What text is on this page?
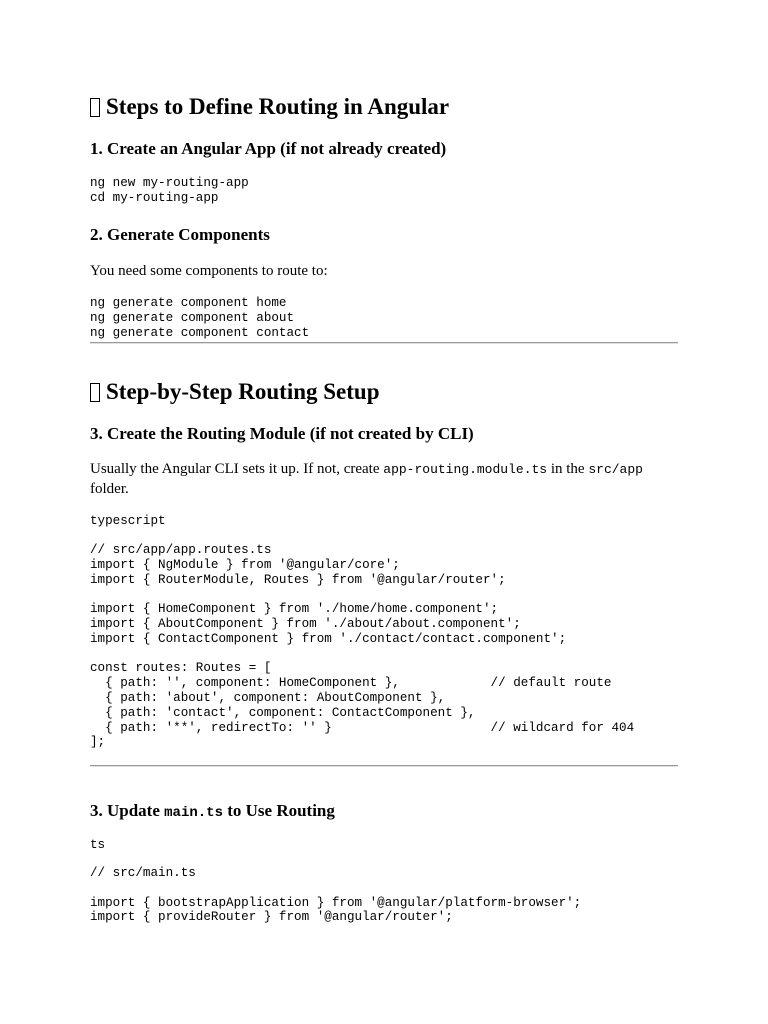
Steps to Define Routing in Angular
1. Create an Angular App (if not already created)
ng new my-routing-app
cd my-routing-app
2. Generate Components

You need some components to route to:

ng generate component home
ng generate component about
ng generate component contact
Step-by-Step Routing Setup
3. Create the Routing Module (if not created by CLI)

Usually the Angular CLI sets it up. If not, create app-routing.module.ts in the src/app folder.

typescript
// src/app/app.routes.ts
import { NgModule } from '@angular/core';
import { RouterModule, Routes } from '@angular/router';

import { HomeComponent } from './home/home.component';
import { AboutComponent } from './about/about.component';
import { ContactComponent } from './contact/contact.component';

const routes: Routes = [
{ path: '', component: HomeComponent },            // default route
{ path: 'about', component: AboutComponent },
{ path: 'contact', component: ContactComponent },
{ path: '**', redirectTo: '' }                     // wildcard for 404
];
3. Update main.ts to Use Routing
ts
// src/main.ts

import { bootstrapApplication } from '@angular/platform-browser';
import { provideRouter } from '@angular/router';
